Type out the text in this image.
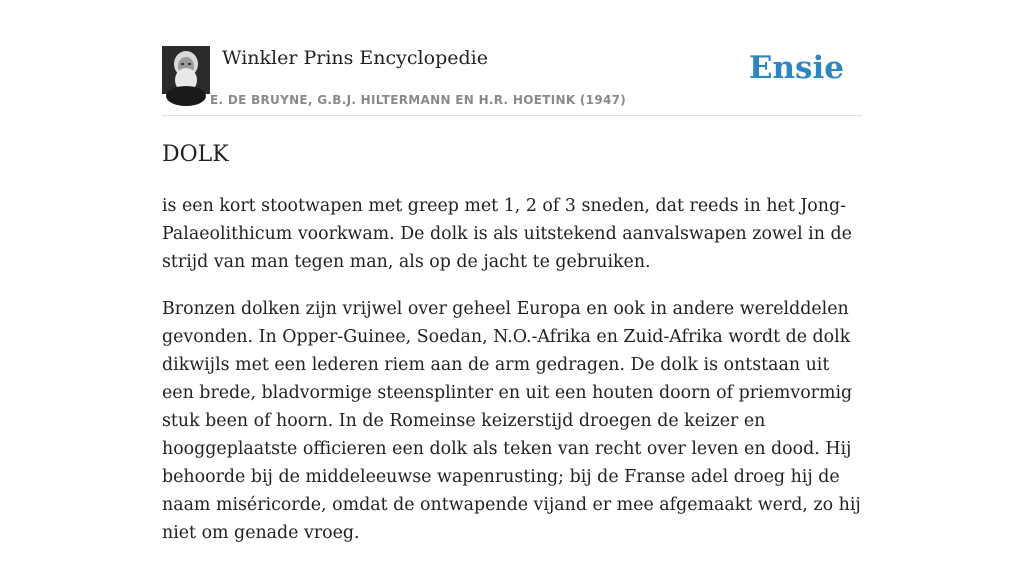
Winkler Prins Encyclopedie
E. DE BRUYNE, G.B.J. HILTERMANN EN H.R. HOETINK (1947)
Ensie
DOLK

is een kort stootwapen met greep met 1, 2 of 3 sneden, dat reeds in het Jong-Palaeolithicum voorkwam. De dolk is als uitstekend aanvalswapen zowel in de strijd van man tegen man, als op de jacht te gebruiken.

Bronzen dolken zijn vrijwel over geheel Europa en ook in andere werelddelen gevonden. In Opper-Guinee, Soedan, N.O.-Afrika en Zuid-Afrika wordt de dolk dikwijls met een lederen riem aan de arm gedragen. De dolk is ontstaan uit een brede, bladvormige steensplinter en uit een houten doorn of priemvormig stuk been of hoorn. In de Romeinse keizerstijd droegen de keizer en hooggeplaatste officieren een dolk als teken van recht over leven en dood. Hij behoorde bij de middeleeuwse wapenrusting; bij de Franse adel droeg hij de naam miséricorde, omdat de ontwapende vijand er mee afgemaakt werd, zo hij niet om genade vroeg.
